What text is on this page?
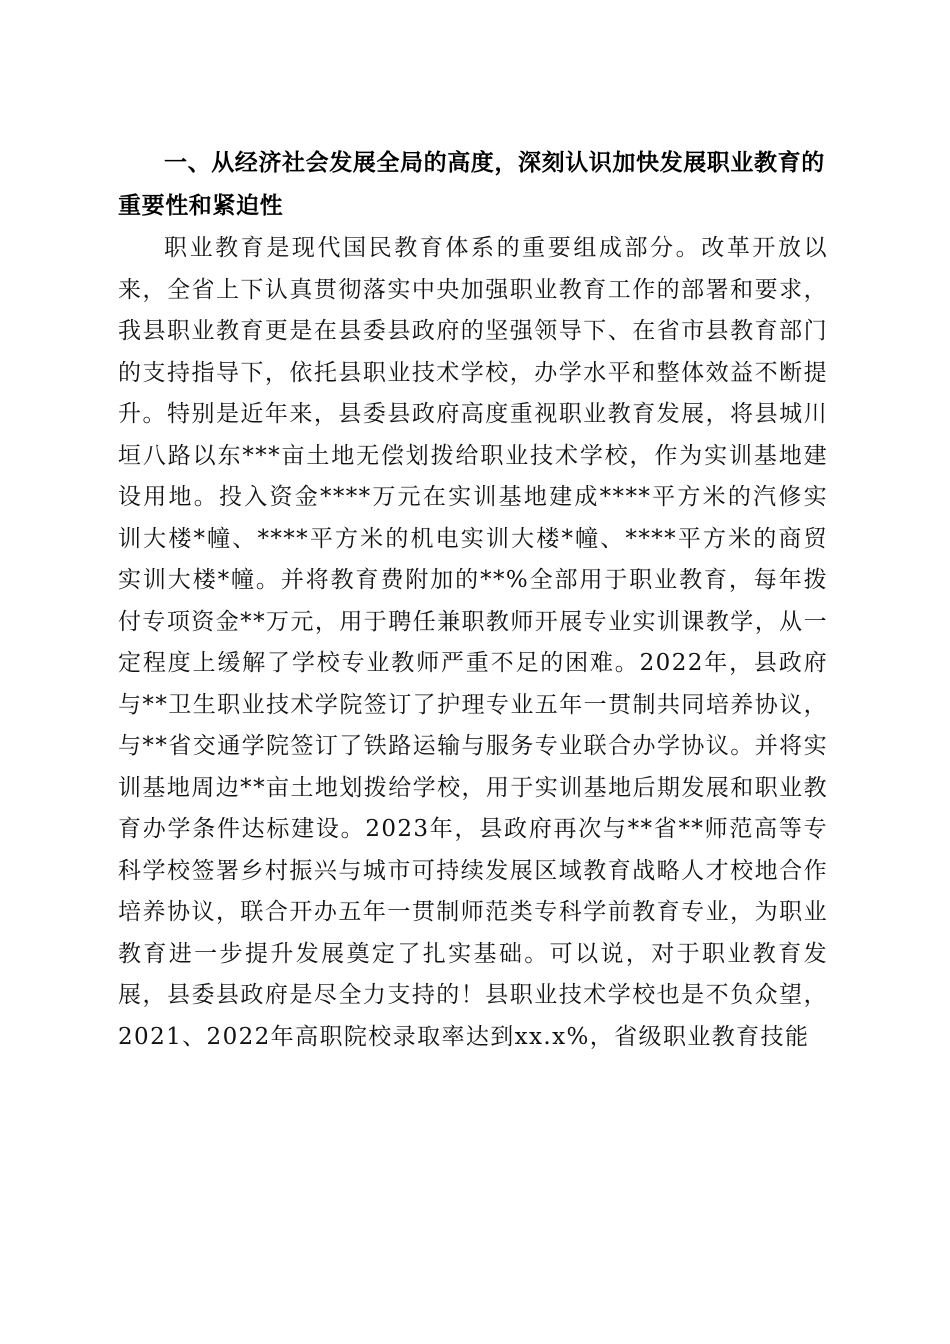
一、从经济社会发展全局的高度，深刻认识加快发展职业教育的重要性和紧迫性

职业教育是现代国民教育体系的重要组成部分。改革开放以来，全省上下认真贯彻落实中央加强职业教育工作的部署和要求，我县职业教育更是在县委县政府的坚强领导下、在省市县教育部门的支持指导下，依托县职业技术学校，办学水平和整体效益不断提升。特别是近年来，县委县政府高度重视职业教育发展，将县城川垣八路以东***亩土地无偿划拨给职业技术学校，作为实训基地建设用地。投入资金****万元在实训基地建成****平方米的汽修实训大楼*幢、****平方米的机电实训大楼*幢、****平方米的商贸实训大楼*幢。并将教育费附加的**%全部用于职业教育，每年拨付专项资金**万元，用于聘任兼职教师开展专业实训课教学，从一定程度上缓解了学校专业教师严重不足的困难。2022年，县政府与**卫生职业技术学院签订了护理专业五年一贯制共同培养协议，与**省交通学院签订了铁路运输与服务专业联合办学协议。并将实训基地周边**亩土地划拨给学校，用于实训基地后期发展和职业教育办学条件达标建设。2023年，县政府再次与**省**师范高等专科学校签署乡村振兴与城市可持续发展区域教育战略人才校地合作培养协议，联合开办五年一贯制师范类专科学前教育专业，为职业教育进一步提升发展奠定了扎实基础。可以说，对于职业教育发展，县委县政府是尽全力支持的！县职业技术学校也是不负众望，2021、2022年高职院校录取率达到xx.x%，省级职业教育技能
